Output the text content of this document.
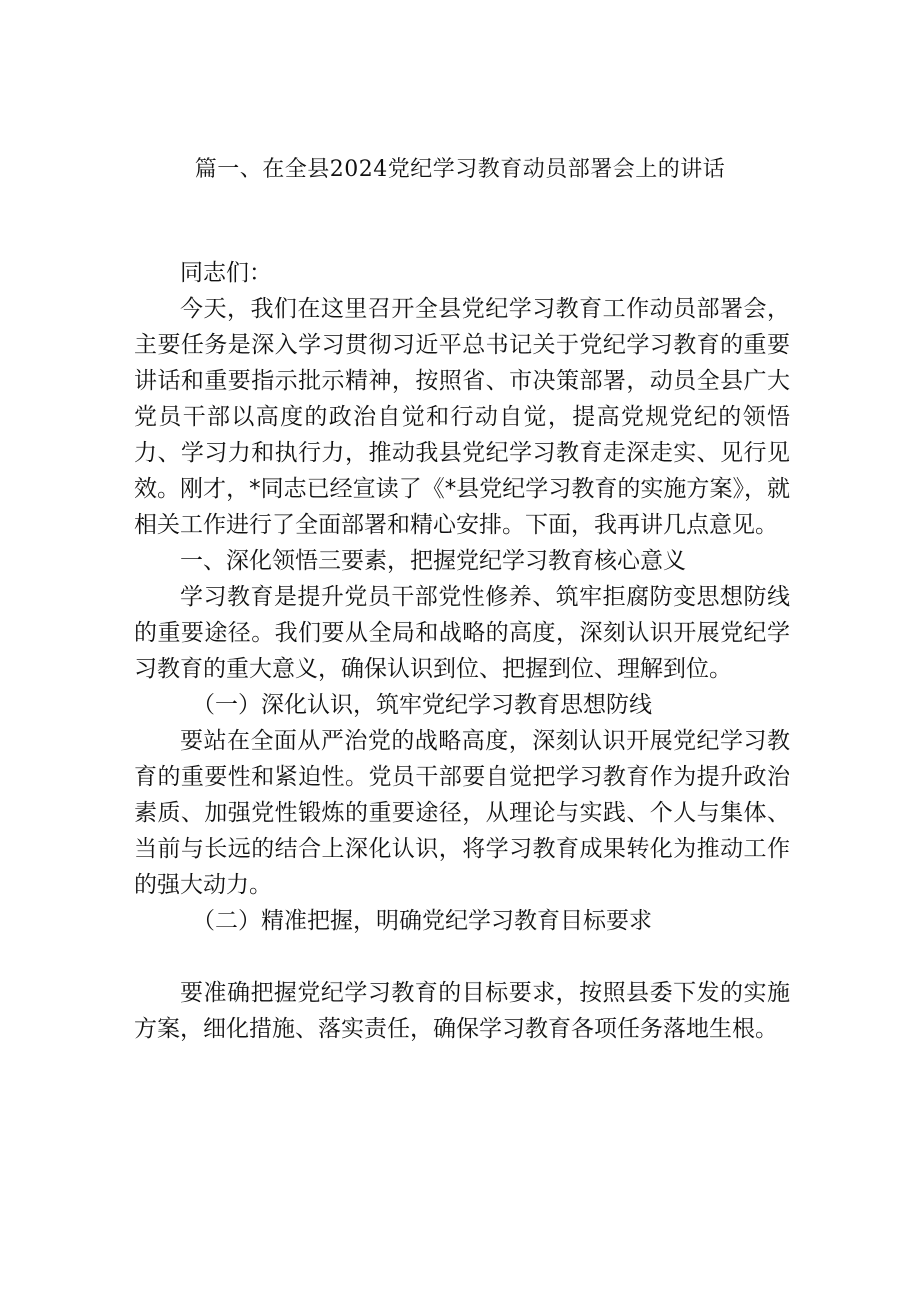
篇一、在全县2024党纪学习教育动员部署会上的讲话

同志们：

今天，我们在这里召开全县党纪学习教育工作动员部署会，主要任务是深入学习贯彻习近平总书记关于党纪学习教育的重要讲话和重要指示批示精神，按照省、市决策部署，动员全县广大党员干部以高度的政治自觉和行动自觉，提高党规党纪的领悟力、学习力和执行力，推动我县党纪学习教育走深走实、见行见效。刚才，*同志已经宣读了《*县党纪学习教育的实施方案》，就相关工作进行了全面部署和精心安排。下面，我再讲几点意见。

一、深化领悟三要素，把握党纪学习教育核心意义

学习教育是提升党员干部党性修养、筑牢拒腐防变思想防线的重要途径。我们要从全局和战略的高度，深刻认识开展党纪学习教育的重大意义，确保认识到位、把握到位、理解到位。

（一）深化认识，筑牢党纪学习教育思想防线

要站在全面从严治党的战略高度，深刻认识开展党纪学习教育的重要性和紧迫性。党员干部要自觉把学习教育作为提升政治素质、加强党性锻炼的重要途径，从理论与实践、个人与集体、当前与长远的结合上深化认识，将学习教育成果转化为推动工作的强大动力。

（二）精准把握，明确党纪学习教育目标要求

要准确把握党纪学习教育的目标要求，按照县委下发的实施方案，细化措施、落实责任，确保学习教育各项任务落地生根。
